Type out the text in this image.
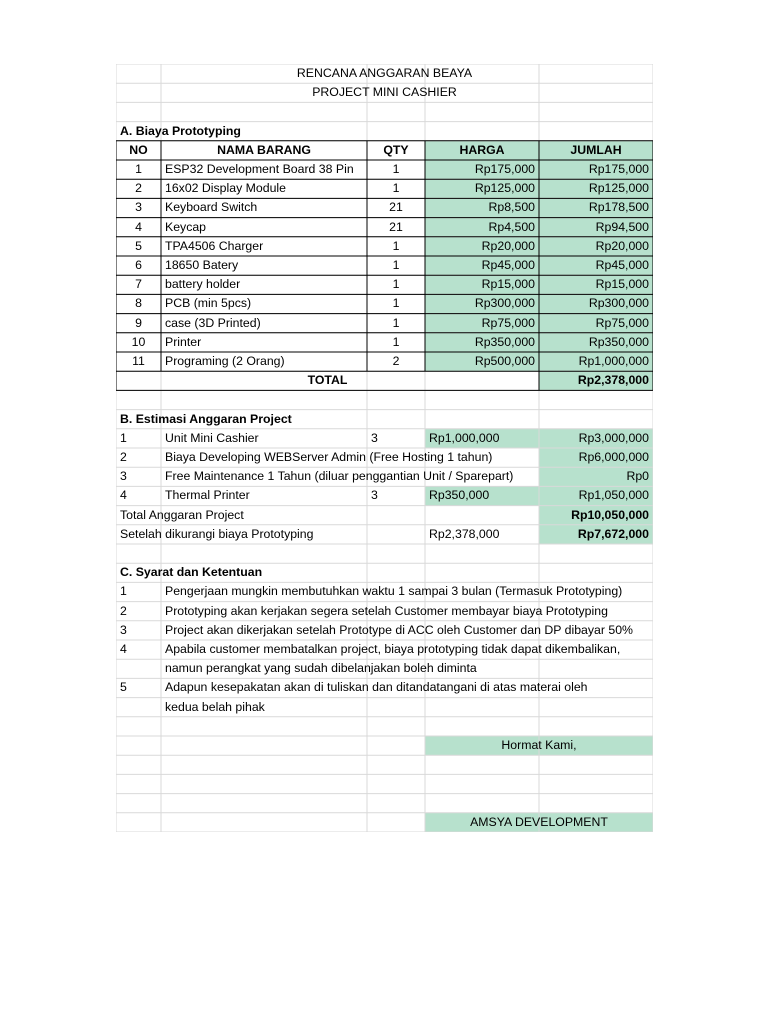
RENCANA ANGGARAN BEAYA
PROJECT MINI CASHIER
A. Biaya Prototyping
NO	NAMA BARANG	QTY	HARGA	JUMLAH
1	ESP32 Development Board 38 Pin	1	Rp175,000	Rp175,000
2	16x02 Display Module	1	Rp125,000	Rp125,000
3	Keyboard Switch	21	Rp8,500	Rp178,500
4	Keycap	21	Rp4,500	Rp94,500
5	TPA4506 Charger	1	Rp20,000	Rp20,000
6	18650 Batery	1	Rp45,000	Rp45,000
7	battery holder	1	Rp15,000	Rp15,000
8	PCB (min 5pcs)	1	Rp300,000	Rp300,000
9	case (3D Printed)	1	Rp75,000	Rp75,000
10	Printer	1	Rp350,000	Rp350,000
11	Programing (2 Orang)	2	Rp500,000	Rp1,000,000
TOTAL	Rp2,378,000
B. Estimasi Anggaran Project
1	Unit Mini Cashier	3	Rp1,000,000	Rp3,000,000
2	Biaya Developing WEBServer Admin (Free Hosting 1 tahun)	Rp6,000,000
3	Free Maintenance 1 Tahun (diluar penggantian Unit / Sparepart)	Rp0
4	Thermal Printer	3	Rp350,000	Rp1,050,000
Total Anggaran Project	Rp10,050,000
Setelah dikurangi biaya Prototyping	Rp2,378,000	Rp7,672,000
C. Syarat dan Ketentuan
1	Pengerjaan mungkin membutuhkan waktu 1 sampai 3 bulan (Termasuk Prototyping)
2	Prototyping akan kerjakan segera setelah Customer membayar biaya Prototyping
3	Project akan dikerjakan setelah Prototype di ACC oleh Customer dan DP dibayar 50%
4	Apabila customer membatalkan project, biaya prototyping tidak dapat dikembalikan,
namun perangkat yang sudah dibelanjakan boleh diminta
5	Adapun kesepakatan akan di tuliskan dan ditandatangani di atas materai oleh
kedua belah pihak
Hormat Kami,
AMSYA DEVELOPMENT
